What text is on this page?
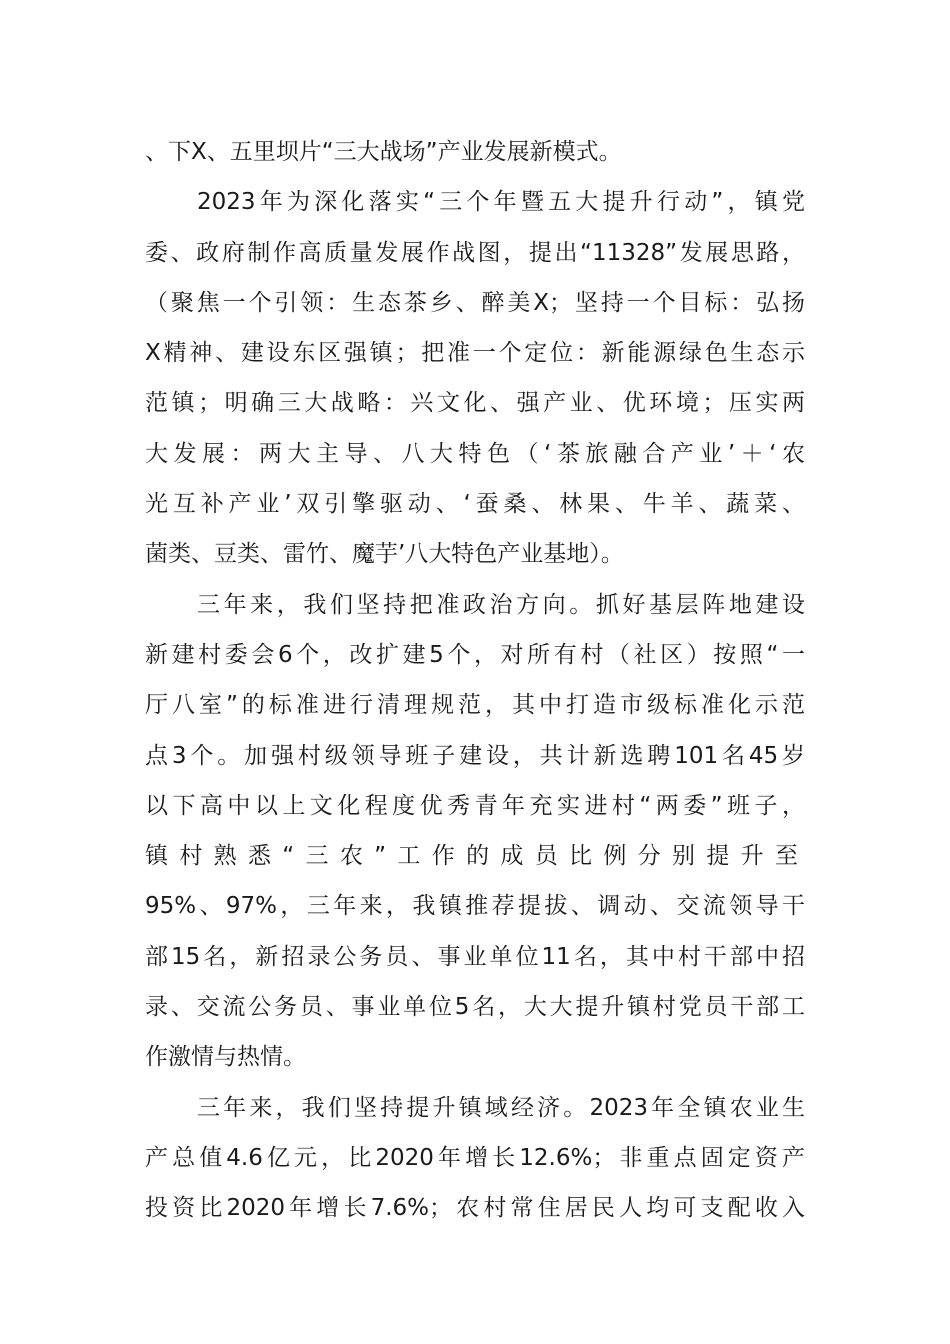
、下X、五里坝片“三大战场”产业发展新模式。
2023年为深化落实“三个年暨五大提升行动”，镇党
委、政府制作高质量发展作战图，提出“11328”发展思路，
（聚焦一个引领：生态茶乡、醉美X；坚持一个目标：弘扬
X精神、建设东区强镇；把准一个定位：新能源绿色生态示
范镇；明确三大战略：兴文化、强产业、优环境；压实两
大发展：两大主导、八大特色（‘茶旅融合产业’＋‘农
光互补产业’双引擎驱动、‘蚕桑、林果、牛羊、蔬菜、
菌类、豆类、雷竹、魔芋’八大特色产业基地）。
三年来，我们坚持把准政治方向。抓好基层阵地建设
新建村委会6个，改扩建5个，对所有村（社区）按照“一
厅八室”的标准进行清理规范，其中打造市级标准化示范
点3个。加强村级领导班子建设，共计新选聘101名45岁
以下高中以上文化程度优秀青年充实进村“两委”班子，
镇村熟悉“三农”工作的成员比例分别提升至
95%、97%，三年来，我镇推荐提拔、调动、交流领导干
部15名，新招录公务员、事业单位11名，其中村干部中招
录、交流公务员、事业单位5名，大大提升镇村党员干部工
作激情与热情。
三年来，我们坚持提升镇域经济。2023年全镇农业生
产总值4.6亿元，比2020年增长12.6%；非重点固定资产
投资比2020年增长7.6%；农村常住居民人均可支配收入
